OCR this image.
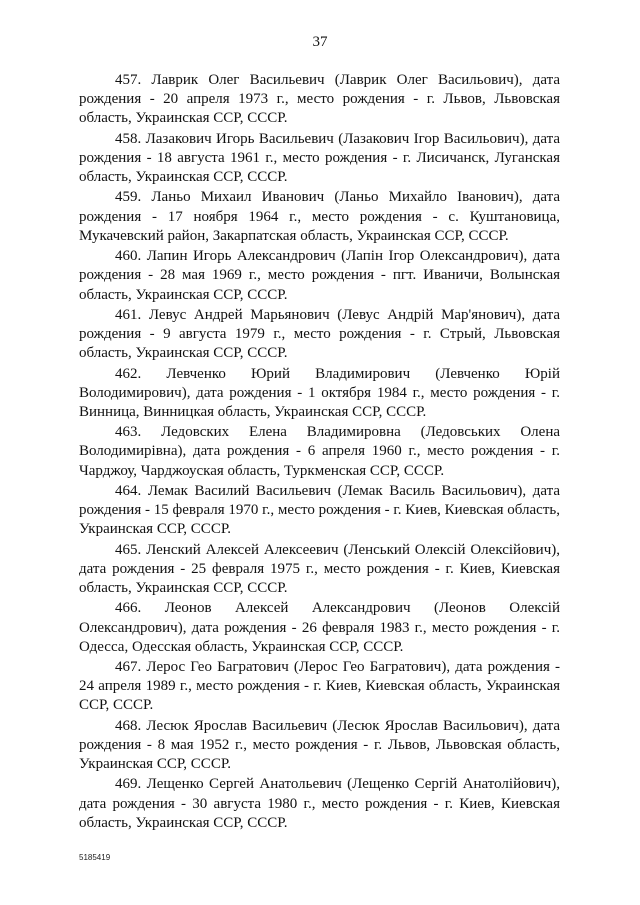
37

457. Лаврик Олег Васильевич (Лаврик Олег Васильович), дата рождения - 20 апреля 1973 г., место рождения - г. Львов, Львовская область, Украинская ССР, СССР.

458. Лазакович Игорь Васильевич (Лазакович Ігор Васильович), дата рождения - 18 августа 1961 г., место рождения - г. Лисичанск, Луганская область, Украинская ССР, СССР.

459. Ланьо Михаил Иванович (Ланьо Михайло Іванович), дата рождения - 17 ноября 1964 г., место рождения - с. Куштановица, Мукачевский район, Закарпатская область, Украинская ССР, СССР.

460. Лапин Игорь Александрович (Лапін Ігор Олександрович), дата рождения - 28 мая 1969 г., место рождения - пгт. Иваничи, Волынская область, Украинская ССР, СССР.

461. Левус Андрей Марьянович (Левус Андрій Мар'янович), дата рождения - 9 августа 1979 г., место рождения - г. Стрый, Львовская область, Украинская ССР, СССР.

462. Левченко Юрий Владимирович (Левченко Юрій Володимирович), дата рождения - 1 октября 1984 г., место рождения - г. Винница, Винницкая область, Украинская ССР, СССР.

463. Ледовских Елена Владимировна (Ледовських Олена Володимирівна), дата рождения - 6 апреля 1960 г., место рождения - г. Чарджоу, Чарджоуская область, Туркменская ССР, СССР.

464. Лемак Василий Васильевич (Лемак Василь Васильович), дата рождения - 15 февраля 1970 г., место рождения - г. Киев, Киевская область, Украинская ССР, СССР.

465. Ленский Алексей Алексеевич (Ленський Олексій Олексійович), дата рождения - 25 февраля 1975 г., место рождения - г. Киев, Киевская область, Украинская ССР, СССР.

466. Леонов Алексей Александрович (Леонов Олексій Олександрович), дата рождения - 26 февраля 1983 г., место рождения - г. Одесса, Одесская область, Украинская ССР, СССР.

467. Лерос Гео Багратович (Лерос Гео Багратович), дата рождения - 24 апреля 1989 г., место рождения - г. Киев, Киевская область, Украинская ССР, СССР.

468. Лесюк Ярослав Васильевич (Лесюк Ярослав Васильович), дата рождения - 8 мая 1952 г., место рождения - г. Львов, Львовская область, Украинская ССР, СССР.

469. Лещенко Сергей Анатольевич (Лещенко Сергій Анатолійович), дата рождения - 30 августа 1980 г., место рождения - г. Киев, Киевская область, Украинская ССР, СССР.

5185419
